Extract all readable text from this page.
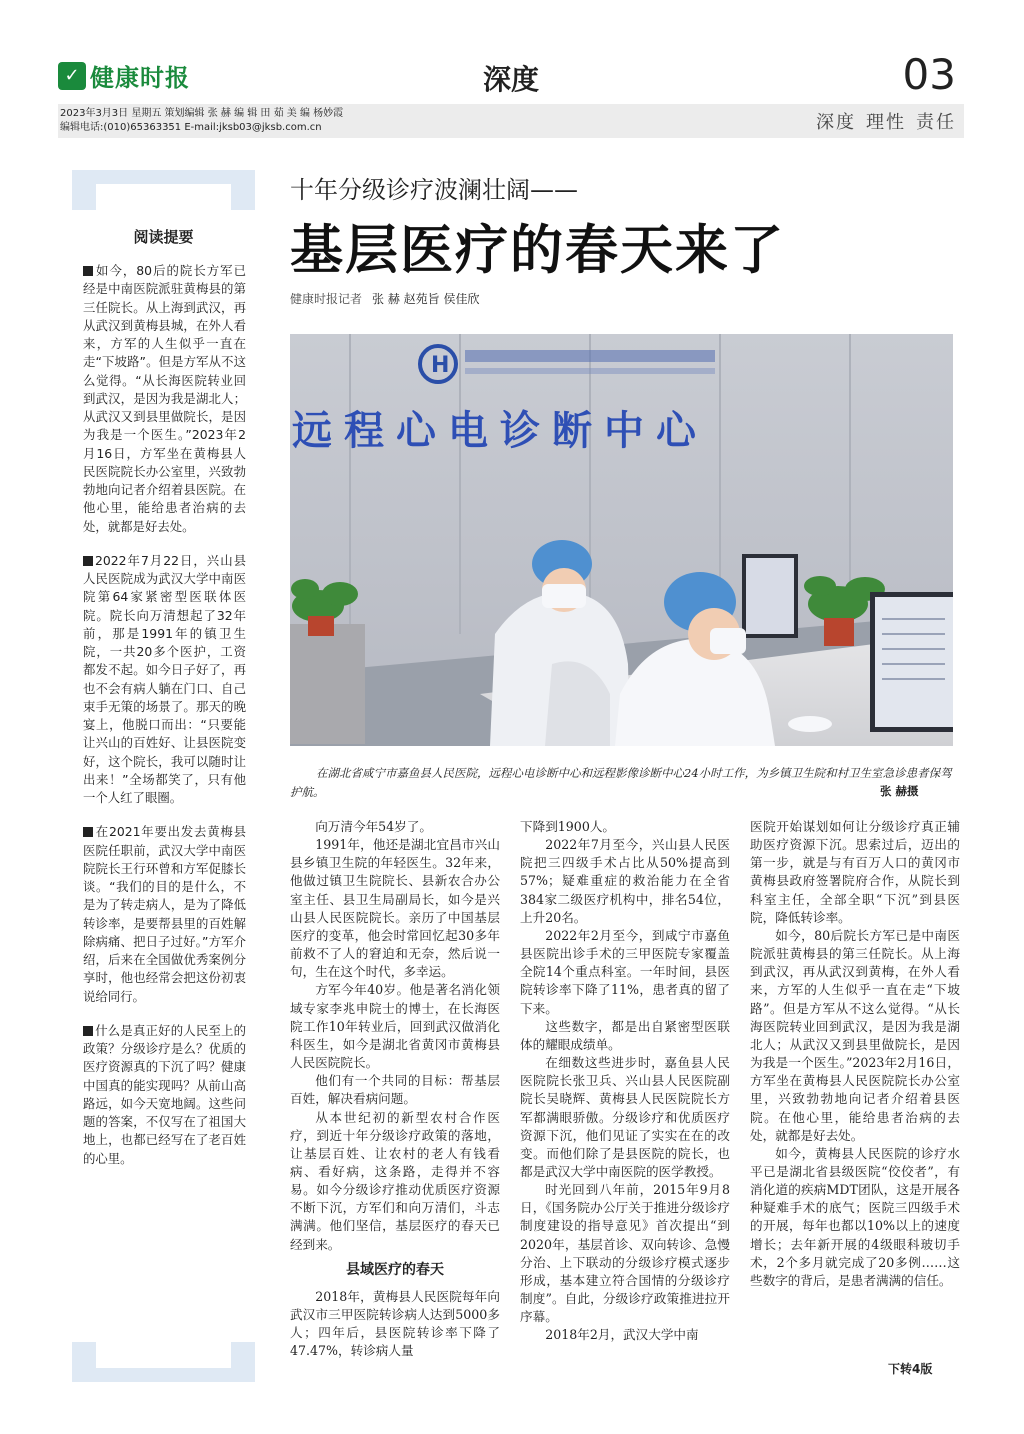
✓ 健康时报	深度	03
2023年3月3日 星期五 策划编辑 张 赫 编 辑 田 茹 美 编 杨妙霞
编辑电话:(010)65363351 E-mail:jksb03@jksb.com.cn	深度 理性 责任
阅读提要

如今，80后的院长方军已经是中南医院派驻黄梅县的第三任院长。从上海到武汉，再从武汉到黄梅县城，在外人看来，方军的人生似乎一直在走“下坡路”。但是方军从不这么觉得。“从长海医院转业回到武汉，是因为我是湖北人；从武汉又到县里做院长，是因为我是一个医生。”2023年2月16日，方军坐在黄梅县人民医院院长办公室里，兴致勃勃地向记者介绍着县医院。在他心里，能给患者治病的去处，就都是好去处。

2022年7月22日，兴山县人民医院成为武汉大学中南医院第64家紧密型医联体医院。院长向万清想起了32年前，那是1991年的镇卫生院，一共20多个医护，工资都发不起。如今日子好了，再也不会有病人躺在门口、自己束手无策的场景了。那天的晚宴上，他脱口而出：“只要能让兴山的百姓好、让县医院变好，这个院长，我可以随时让出来！”全场都笑了，只有他一个人红了眼圈。

在2021年要出发去黄梅县医院任职前，武汉大学中南医院院长王行环曾和方军促膝长谈。“我们的目的是什么，不是为了转走病人，是为了降低转诊率，是要帮县里的百姓解除病痛、把日子过好。”方军介绍，后来在全国做优秀案例分享时，他也经常会把这份初衷说给同行。

什么是真正好的人民至上的政策？分级诊疗是么？优质的医疗资源真的下沉了吗？健康中国真的能实现吗？从前山高路远，如今天宽地阔。这些问题的答案，不仅写在了祖国大地上，也都已经写在了老百姓的心里。

十年分级诊疗波澜壮阔——
基层医疗的春天来了
健康时报记者 张 赫 赵苑旨 侯佳欣
H
远程心电诊断中心
在湖北省咸宁市嘉鱼县人民医院，远程心电诊断中心和远程影像诊断中心24小时工作，为乡镇卫生院和村卫生室急诊患者保驾护航。	张 赫摄

向万清今年54岁了。

1991年，他还是湖北宜昌市兴山县乡镇卫生院的年轻医生。32年来，他做过镇卫生院院长、县新农合办公室主任、县卫生局副局长，如今是兴山县人民医院院长。亲历了中国基层医疗的变革，他会时常回忆起30多年前救不了人的窘迫和无奈，然后说一句，生在这个时代，多幸运。

方军今年40岁。他是著名消化领域专家李兆申院士的博士，在长海医院工作10年转业后，回到武汉做消化科医生，如今是湖北省黄冈市黄梅县人民医院院长。

他们有一个共同的目标：帮基层百姓，解决看病问题。

从本世纪初的新型农村合作医疗，到近十年分级诊疗政策的落地，让基层百姓、让农村的老人有钱看病、看好病，这条路，走得并不容易。如今分级诊疗推动优质医疗资源不断下沉，方军们和向万清们，斗志满满。他们坚信，基层医疗的春天已经到来。

县域医疗的春天

2018年，黄梅县人民医院每年向武汉市三甲医院转诊病人达到5000多人；四年后，县医院转诊率下降了47.47%，转诊病人量

下降到1900人。

2022年7月至今，兴山县人民医院把三四级手术占比从50%提高到57%；疑难重症的救治能力在全省384家二级医疗机构中，排名54位，上升20名。

2022年2月至今，到咸宁市嘉鱼县医院出诊手术的三甲医院专家覆盖全院14个重点科室。一年时间，县医院转诊率下降了11%，患者真的留了下来。

这些数字，都是出自紧密型医联体的耀眼成绩单。

在细数这些进步时，嘉鱼县人民医院院长张卫兵、兴山县人民医院副院长吴晓辉、黄梅县人民医院院长方军都满眼骄傲。分级诊疗和优质医疗资源下沉，他们见证了实实在在的改变。而他们除了是县医院的院长，也都是武汉大学中南医院的医学教授。

时光回到八年前，2015年9月8日，《国务院办公厅关于推进分级诊疗制度建设的指导意见》首次提出“到2020年，基层首诊、双向转诊、急慢分治、上下联动的分级诊疗模式逐步形成，基本建立符合国情的分级诊疗制度”。自此，分级诊疗政策推进拉开序幕。

2018年2月，武汉大学中南

医院开始谋划如何让分级诊疗真正辅助医疗资源下沉。思索过后，迈出的第一步，就是与有百万人口的黄冈市黄梅县政府签署院府合作，从院长到科室主任，全部全职“下沉”到县医院，降低转诊率。

如今，80后院长方军已是中南医院派驻黄梅县的第三任院长。从上海到武汉，再从武汉到黄梅，在外人看来，方军的人生似乎一直在走“下坡路”。但是方军从不这么觉得。“从长海医院转业回到武汉，是因为我是湖北人；从武汉又到县里做院长，是因为我是一个医生。”2023年2月16日，方军坐在黄梅县人民医院院长办公室里，兴致勃勃地向记者介绍着县医院。在他心里，能给患者治病的去处，就都是好去处。

如今，黄梅县人民医院的诊疗水平已是湖北省县级医院“佼佼者”，有消化道的疾病MDT团队，这是开展各种疑难手术的底气；医院三四级手术的开展，每年也都以10%以上的速度增长；去年新开展的4级眼科玻切手术，2个多月就完成了20多例……这些数字的背后，是患者满满的信任。

下转4版
